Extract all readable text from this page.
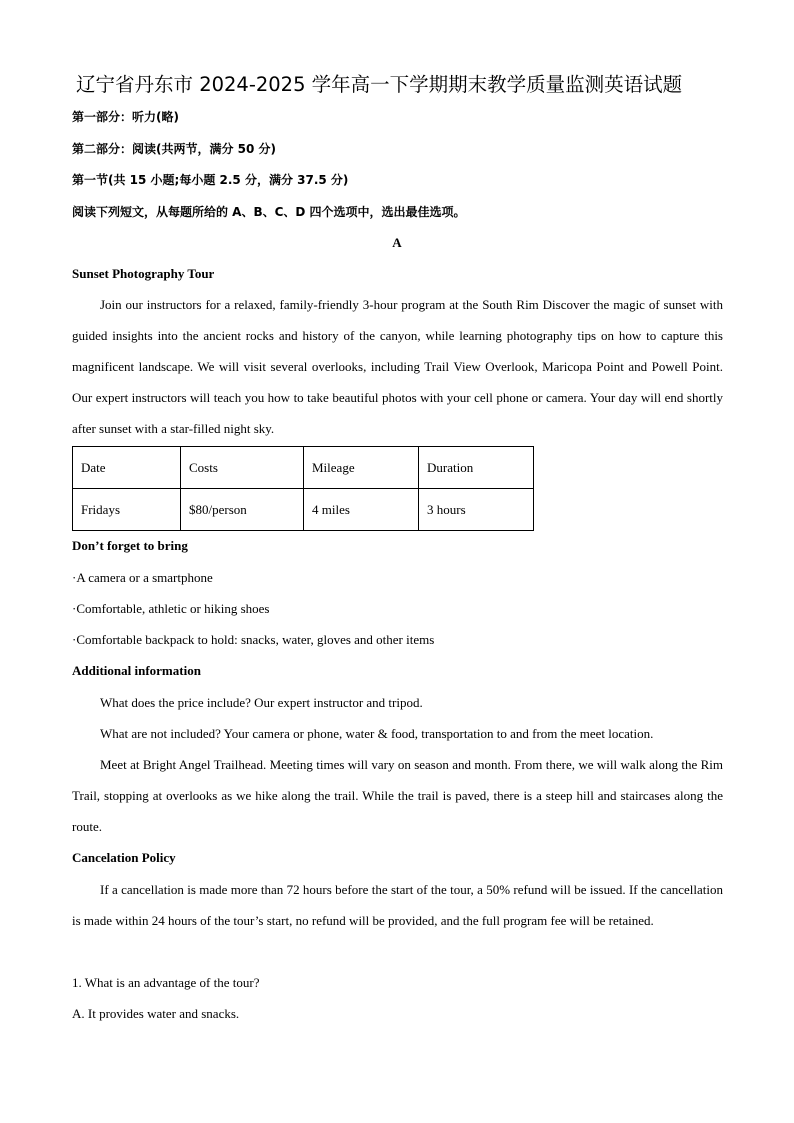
辽宁省丹东市 2024-2025 学年高一下学期期末教学质量监测英语试题
第一部分：听力(略)
第二部分：阅读(共两节，满分 50 分)
第一节(共 15 小题;每小题 2.5 分，满分 37.5 分)
阅读下列短文，从每题所给的 A、B、C、D 四个选项中，选出最佳选项。
A
Sunset Photography Tour
Join our instructors for a relaxed, family-friendly 3-hour program at the South Rim Discover the magic of sunset with guided insights into the ancient rocks and history of the canyon, while learning photography tips on how to capture this magnificent landscape. We will visit several overlooks, including Trail View Overlook, Maricopa Point and Powell Point. Our expert instructors will teach you how to take beautiful photos with your cell phone or camera. Your day will end shortly after sunset with a star-filled night sky.
Date	Costs	Mileage	Duration
Fridays	$80/person	4 miles	3 hours
Don’t forget to bring
·A camera or a smartphone
·Comfortable, athletic or hiking shoes
·Comfortable backpack to hold: snacks, water, gloves and other items
Additional information
What does the price include? Our expert instructor and tripod.
What are not included? Your camera or phone, water & food, transportation to and from the meet location.
Meet at Bright Angel Trailhead. Meeting times will vary on season and month. From there, we will walk along the Rim Trail, stopping at overlooks as we hike along the trail. While the trail is paved, there is a steep hill and staircases along the route.
Cancelation Policy
If a cancellation is made more than 72 hours before the start of the tour, a 50% refund will be issued. If the cancellation is made within 24 hours of the tour’s start, no refund will be provided, and the full program fee will be retained.
1. What is an advantage of the tour?
A. It provides water and snacks.
